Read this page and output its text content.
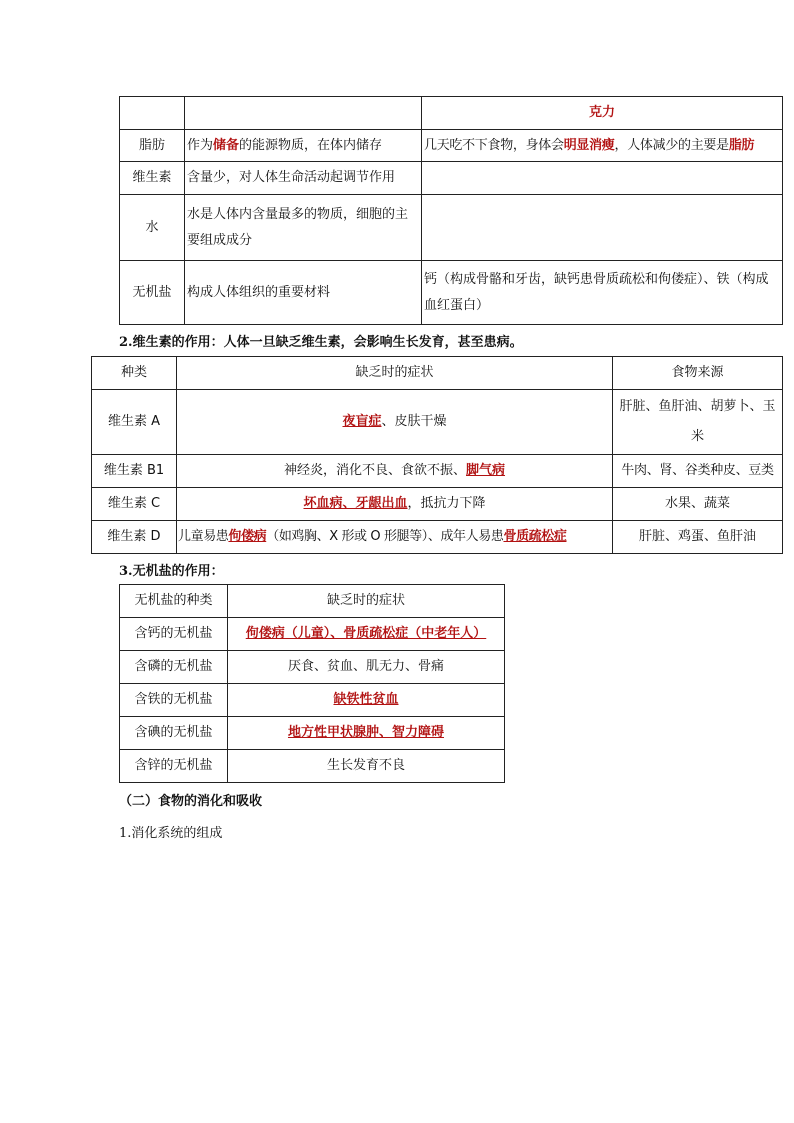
		克力
脂肪	作为储备的能源物质，在体内储存	几天吃不下食物，身体会明显消瘦，人体减少的主要是脂肪
维生素	含量少，对人体生命活动起调节作用	
水	水是人体内含量最多的物质，细胞的主要组成成分	
无机盐	构成人体组织的重要材料	钙（构成骨骼和牙齿，缺钙患骨质疏松和佝偻症）、铁（构成血红蛋白）
2.维生素的作用：人体一旦缺乏维生素，会影响生长发育，甚至患病。
种类	缺乏时的症状	食物来源
维生素 A	夜盲症、皮肤干燥	肝脏、鱼肝油、胡萝卜、玉米
维生素 B1	神经炎，消化不良、食欲不振、脚气病	牛肉、肾、谷类种皮、豆类
维生素 C	坏血病、牙龈出血，抵抗力下降	水果、蔬菜
维生素 D	儿童易患佝偻病（如鸡胸、X 形或 O 形腿等）、成年人易患骨质疏松症	肝脏、鸡蛋、鱼肝油
3.无机盐的作用：
无机盐的种类	缺乏时的症状
含钙的无机盐	佝偻病（儿童）、骨质疏松症（中老年人）
含磷的无机盐	厌食、贫血、肌无力、骨痛
含铁的无机盐	缺铁性贫血
含碘的无机盐	地方性甲状腺肿、智力障碍
含锌的无机盐	生长发育不良
（二）食物的消化和吸收
1.消化系统的组成
